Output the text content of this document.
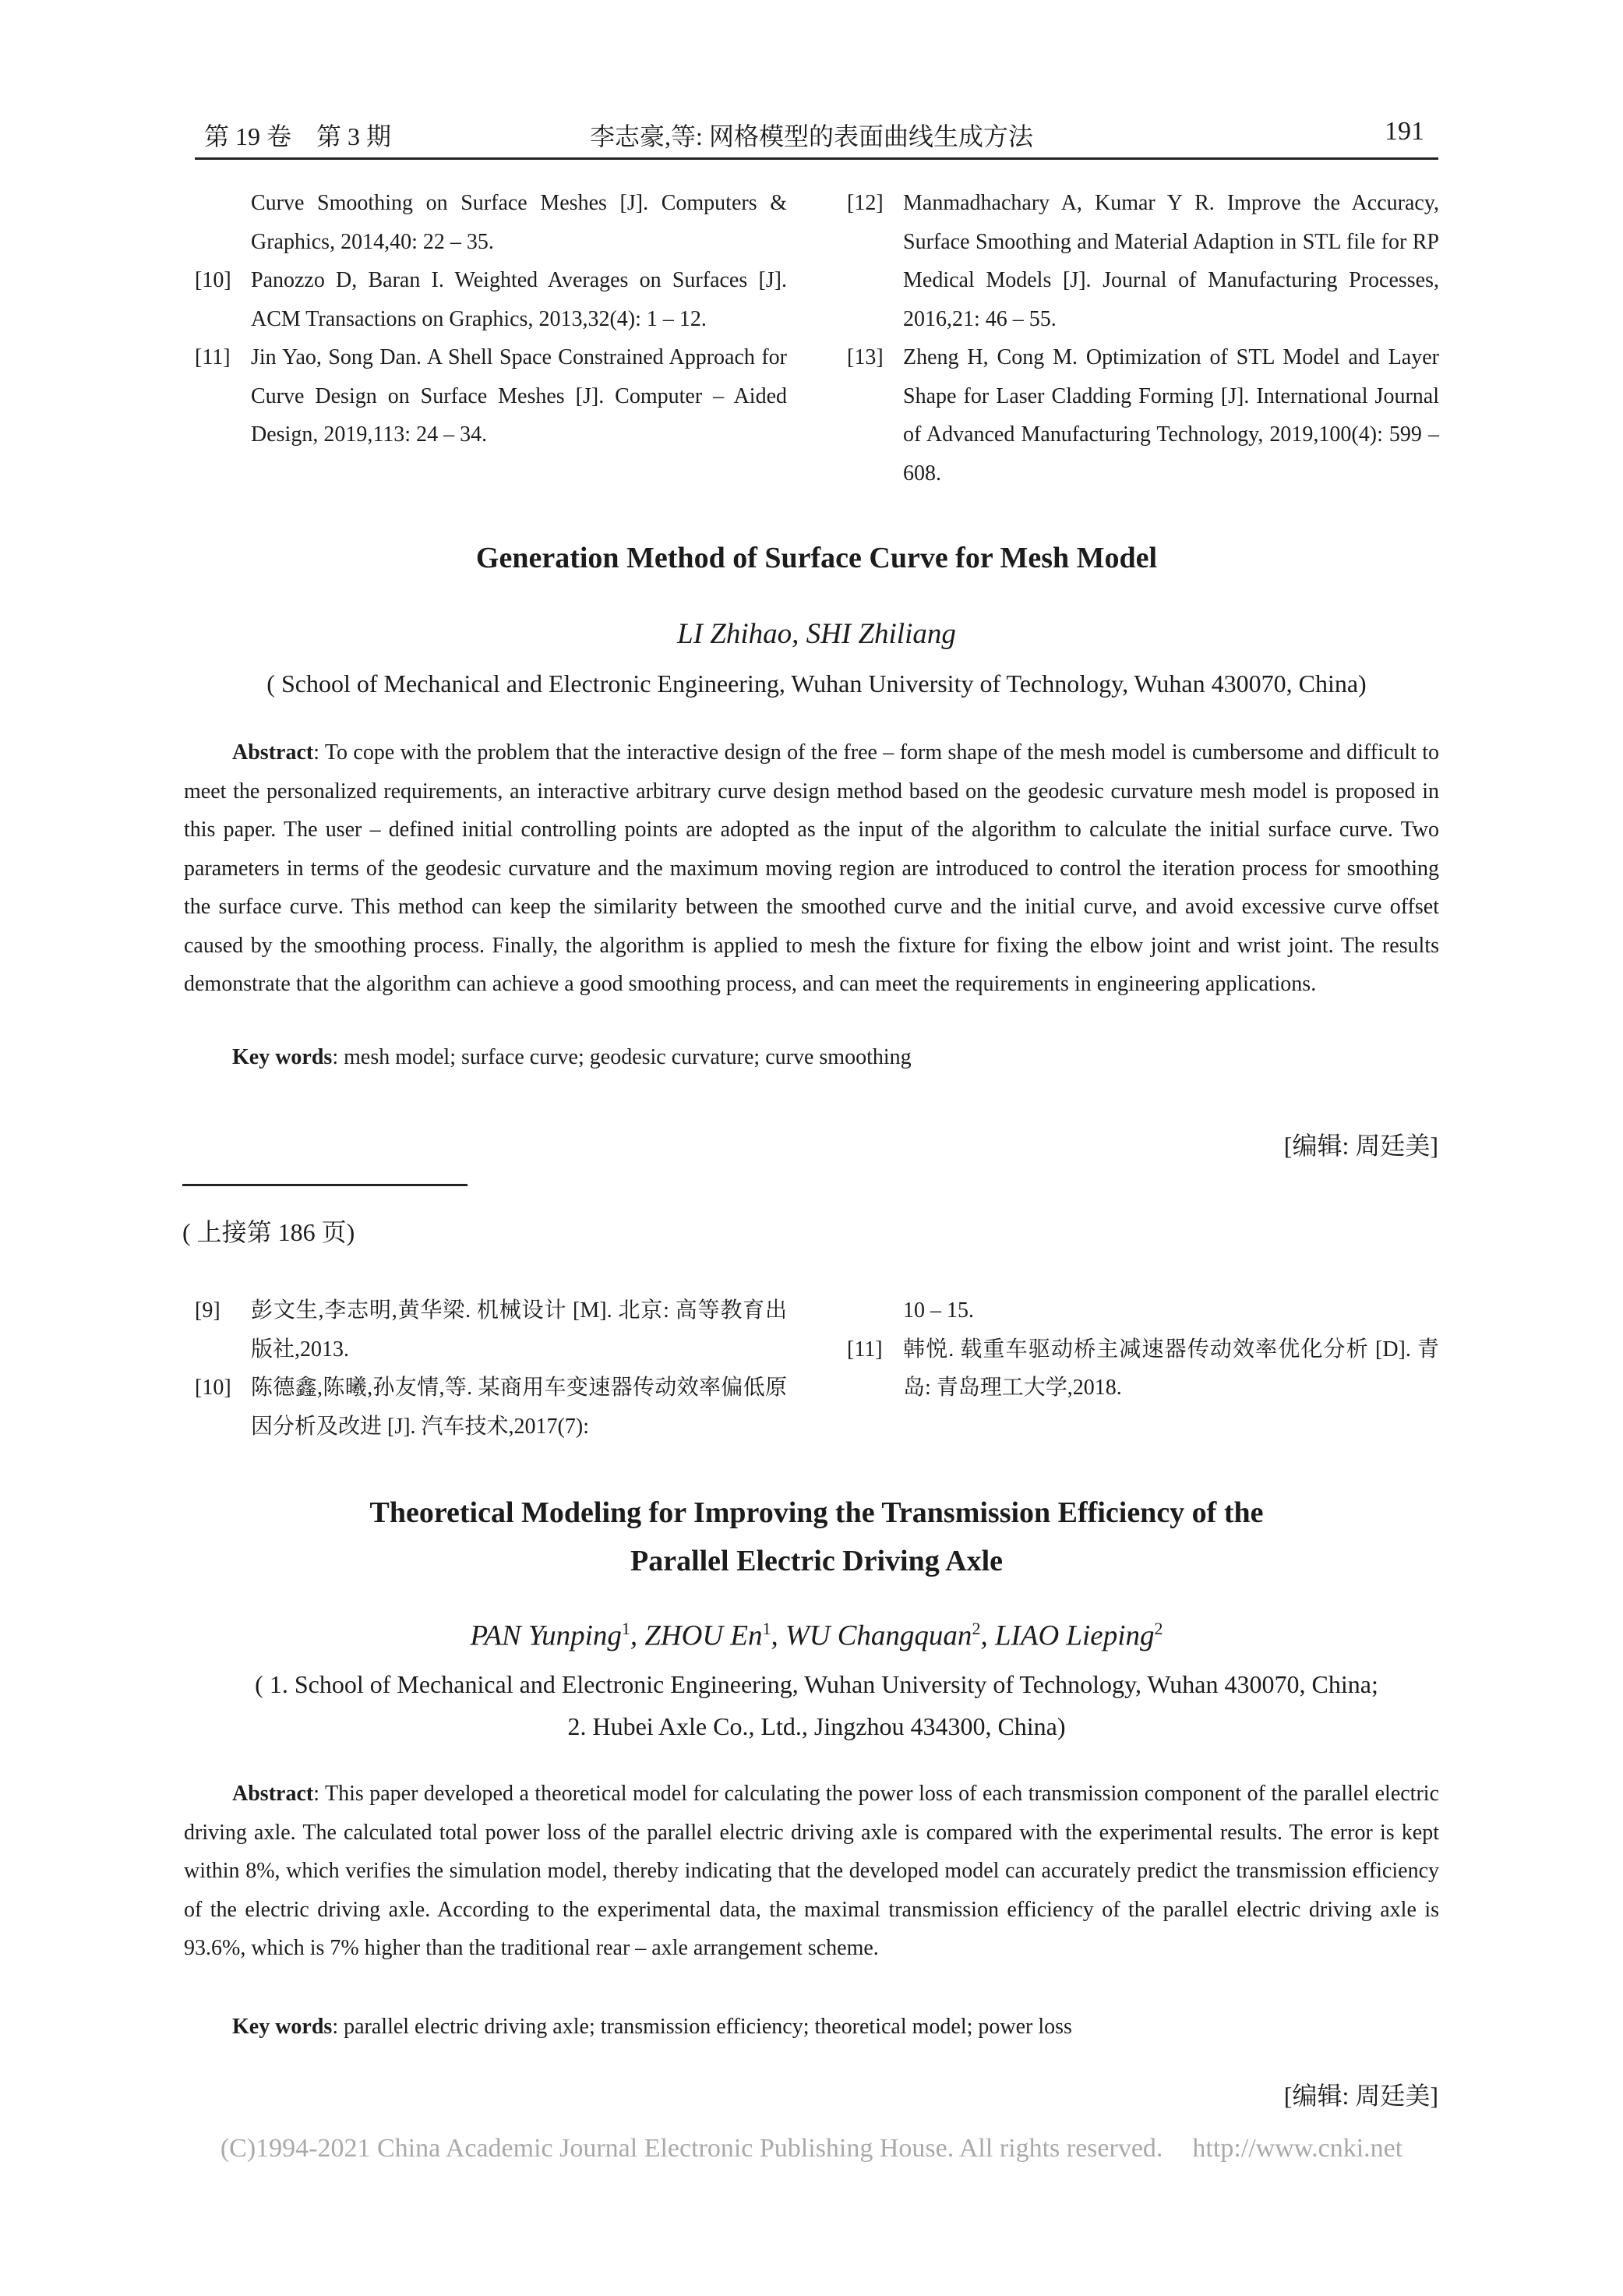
第 19 卷　第 3 期	李志豪,等: 网格模型的表面曲线生成方法	191
Curve Smoothing on Surface Meshes [J]. Computers & Graphics, 2014,40: 22 – 35.
[10] Panozzo D, Baran I. Weighted Averages on Surfaces [J]. ACM Transactions on Graphics, 2013,32(4): 1 – 12.
[11] Jin Yao, Song Dan. A Shell Space Constrained Approach for Curve Design on Surface Meshes [J]. Computer – Aided Design, 2019,113: 24 – 34.
[12] Manmadhachary A, Kumar Y R. Improve the Accuracy, Surface Smoothing and Material Adaption in STL file for RP Medical Models [J]. Journal of Manufacturing Processes, 2016,21: 46 – 55.
[13] Zheng H, Cong M. Optimization of STL Model and Layer Shape for Laser Cladding Forming [J]. International Journal of Advanced Manufacturing Technology, 2019,100(4): 599 – 608.
Generation Method of Surface Curve for Mesh Model
LI Zhihao, SHI Zhiliang
( School of Mechanical and Electronic Engineering, Wuhan University of Technology, Wuhan 430070, China)
Abstract: To cope with the problem that the interactive design of the free – form shape of the mesh model is cumbersome and difficult to meet the personalized requirements, an interactive arbitrary curve design method based on the geodesic curvature mesh model is proposed in this paper. The user – defined initial controlling points are adopted as the input of the algorithm to calculate the initial surface curve. Two parameters in terms of the geodesic curvature and the maximum moving region are introduced to control the iteration process for smoothing the surface curve. This method can keep the similarity between the smoothed curve and the initial curve, and avoid excessive curve offset caused by the smoothing process. Finally, the algorithm is applied to mesh the fixture for fixing the elbow joint and wrist joint. The results demonstrate that the algorithm can achieve a good smoothing process, and can meet the requirements in engineering applications.
Key words: mesh model; surface curve; geodesic curvature; curve smoothing
[编辑: 周廷美]
( 上接第 186 页)
[9] 彭文生,李志明,黄华梁. 机械设计 [M]. 北京: 高等教育出版社,2013.
[10] 陈德鑫,陈曦,孙友情,等. 某商用车变速器传动效率偏低原因分析及改进 [J]. 汽车技术,2017(7):
10 – 15.
[11] 韩悦. 载重车驱动桥主减速器传动效率优化分析 [D]. 青岛: 青岛理工大学,2018.
Theoretical Modeling for Improving the Transmission Efficiency of the
Parallel Electric Driving Axle
PAN Yunping$^1$, ZHOU En$^1$, WU Changquan$^2$, LIAO Lieping$^2$
( 1. School of Mechanical and Electronic Engineering, Wuhan University of Technology, Wuhan 430070, China;
2. Hubei Axle Co., Ltd., Jingzhou 434300, China)
Abstract: This paper developed a theoretical model for calculating the power loss of each transmission component of the parallel electric driving axle. The calculated total power loss of the parallel electric driving axle is compared with the experimental results. The error is kept within 8%, which verifies the simulation model, thereby indicating that the developed model can accurately predict the transmission efficiency of the electric driving axle. According to the experimental data, the maximal transmission efficiency of the parallel electric driving axle is 93.6%, which is 7% higher than the traditional rear – axle arrangement scheme.
Key words: parallel electric driving axle; transmission efficiency; theoretical model; power loss
[编辑: 周廷美]
(C)1994-2021 China Academic Journal Electronic Publishing House. All rights reserved. http://www.cnki.net
